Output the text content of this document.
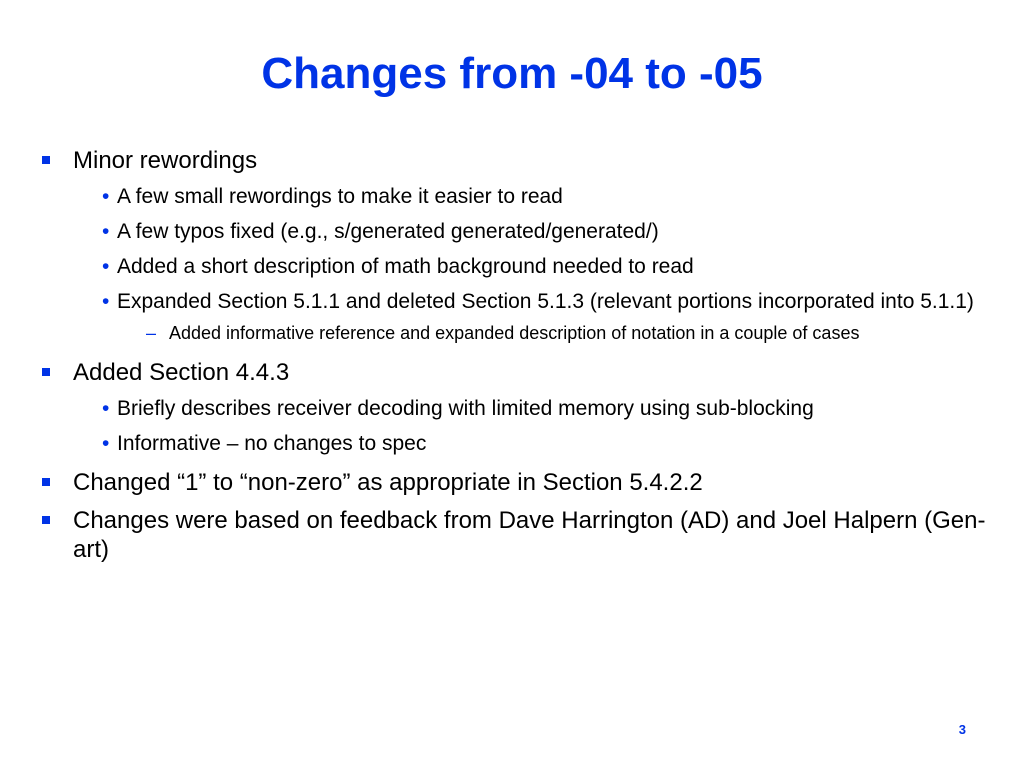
Changes from -04 to -05
Minor rewordings
• A few small rewordings to make it easier to read
• A few typos fixed (e.g., s/generated generated/generated/)
• Added a short description of math background needed to read
• Expanded Section 5.1.1 and deleted Section 5.1.3 (relevant portions incorporated into 5.1.1)
– Added informative reference and expanded description of notation in a couple of cases
Added Section 4.4.3
• Briefly describes receiver decoding with limited memory using sub-blocking
• Informative – no changes to spec
Changed “1” to “non-zero” as appropriate in Section 5.4.2.2
Changes were based on feedback from Dave Harrington (AD) and Joel Halpern (Gen-art)
3
